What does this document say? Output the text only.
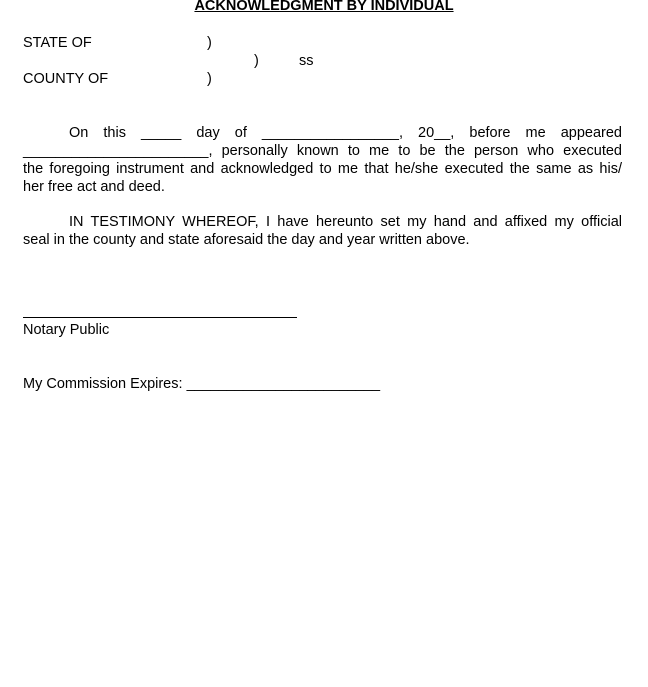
ACKNOWLEDGMENT BY INDIVIDUAL
STATE OF	)
)	ss
COUNTY OF	)
On this _____ day of _________________, 20__, before me appeared
_______________________, personally known to me to be the person who executed
the foregoing instrument and acknowledged to me that he/she executed the same as his/
her free act and deed.
IN TESTIMONY WHEREOF, I have hereunto set my hand and affixed my official
seal in the county and state aforesaid the day and year written above.
Notary Public
My Commission Expires: ________________________
